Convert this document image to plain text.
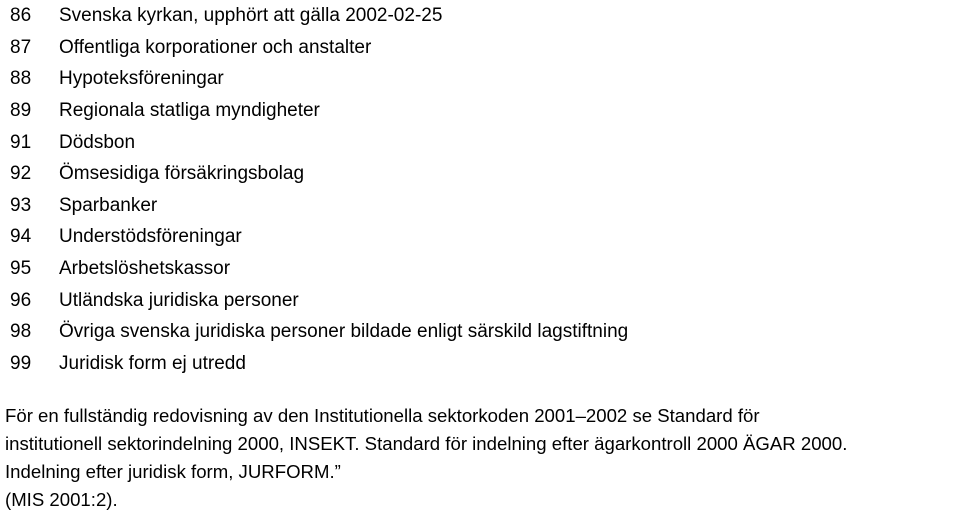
86	Svenska kyrkan, upphört att gälla 2002-02-25
87	Offentliga korporationer och anstalter
88	Hypoteksföreningar
89	Regionala statliga myndigheter
91	Dödsbon
92	Ömsesidiga försäkringsbolag
93	Sparbanker
94	Understödsföreningar
95	Arbetslöshetskassor
96	Utländska juridiska personer
98	Övriga svenska juridiska personer bildade enligt särskild lagstiftning
99	Juridisk form ej utredd
För en fullständig redovisning av den Institutionella sektorkoden 2001–2002 se Standard för
institutionell sektorindelning 2000, INSEKT. Standard för indelning efter ägarkontroll 2000 ÄGAR 2000.
Indelning efter juridisk form, JURFORM.”
(MIS 2001:2).
